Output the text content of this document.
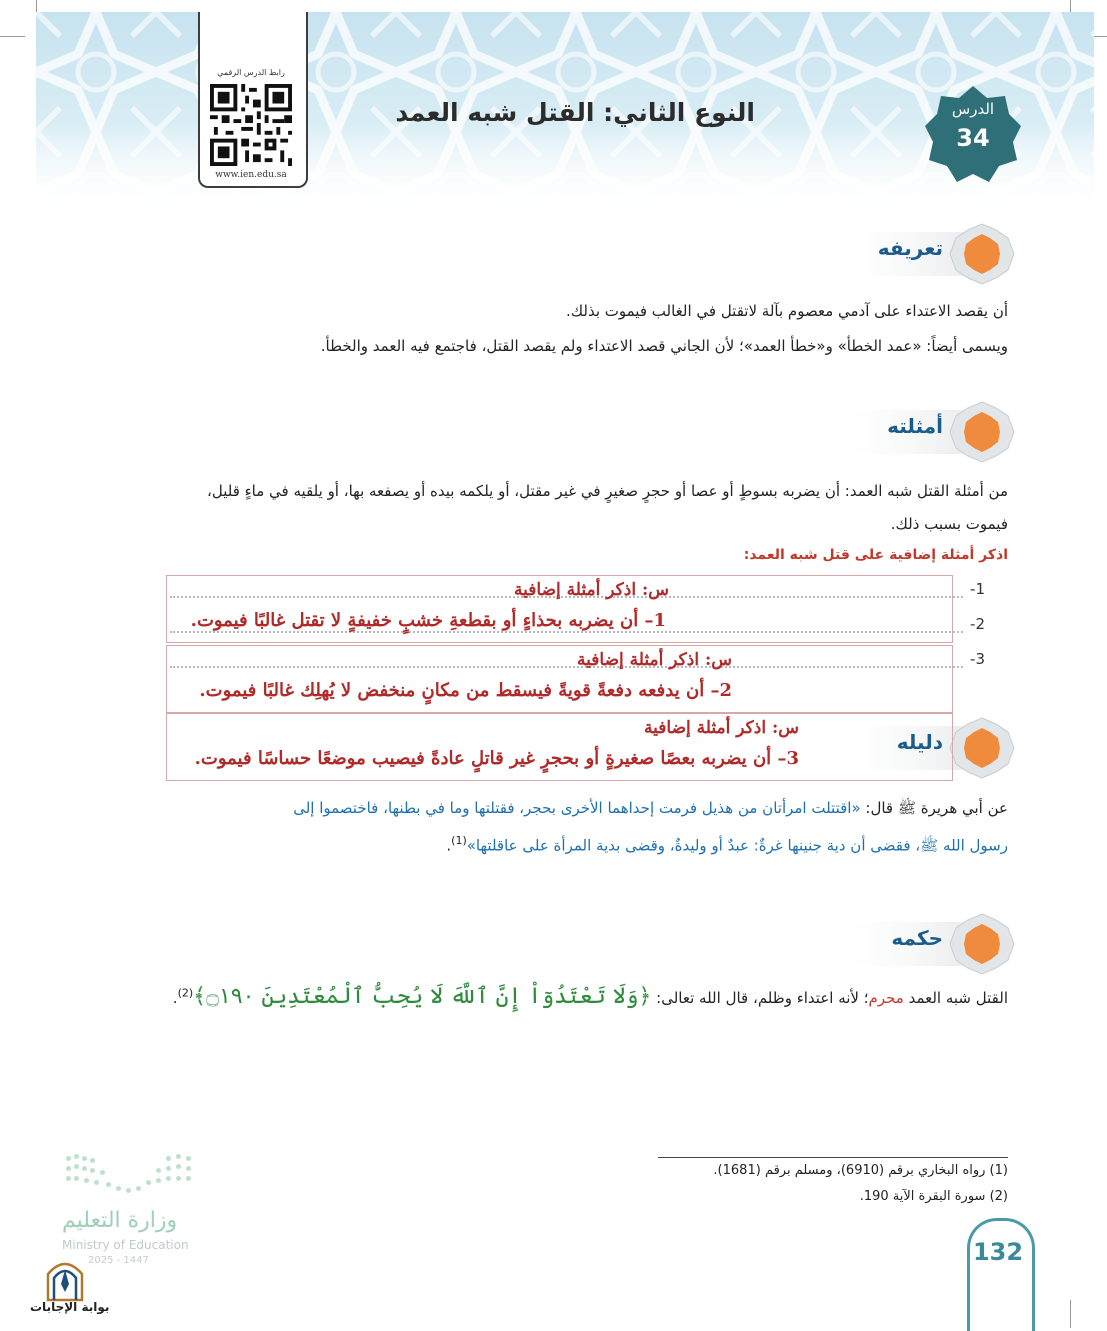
رابط الدرس الرقمي
www.ien.edu.sa
النوع الثاني: القتل شبه العمد	الدرس
34
تعريفه
أن يقصد الاعتداء على آدمي معصوم بآلة لاتقتل في الغالب فيموت بذلك.
ويسمى أيضاً: «عمد الخطأ» و«خطأ العمد»؛ لأن الجاني قصد الاعتداء ولم يقصد القتل، فاجتمع فيه العمد والخطأ.
أمثلته
من أمثلة القتل شبه العمد: أن يضربه بسوطٍ أو عصا أو حجرٍ صغيرٍ في غير مقتل، أو يلكمه بيده أو يصفعه بها، أو يلقيه في ماءٍ قليل،
فيموت بسبب ذلك.
اذكر أمثلة إضافية على قتل شبه العمد:
1-
2-
3-
دليله
س: اذكر أمثلة إضافية
1– أن يضربه بحذاءٍ أو بقطعةِ خشبٍ خفيفةٍ لا تقتل غالبًا فيموت.
س: اذكر أمثلة إضافية
2– أن يدفعه دفعةً قويةً فيسقط من مكانٍ منخفض لا يُهلِك غالبًا فيموت.
س: اذكر أمثلة إضافية
3– أن يضربه بعصًا صغيرةٍ أو بحجرٍ غير قاتلٍ عادةً فيصيب موضعًا حساسًا فيموت.
عن أبي هريرة ﷺ قال: «اقتتلت امرأتان من هذيل فرمت إحداهما الأخرى بحجر، فقتلتها وما في بطنها، فاختصموا إلى
رسول الله ﷺ، فقضى أن دية جنينها غرةٌ: عبدٌ أو وليدةٌ، وقضى بدية المرأة على عاقلتها»$^{(1)}$.
حكمه
القتل شبه العمد محرم؛ لأنه اعتداء وظلم، قال الله تعالى: ﴿وَلَا تَعْتَدُوٓاْ إِنَّ ٱللَّهَ لَا يُحِبُّ ٱلْمُعْتَدِينَ ۝١٩٠﴾$^{(2)}$.
(1) رواه البخاري برقم (6910)، ومسلم برقم (1681).
(2) سورة البقرة الآية 190.
132
وزارة التعليم
Ministry of Education
2025 - 1447
بوابة الإجابات
